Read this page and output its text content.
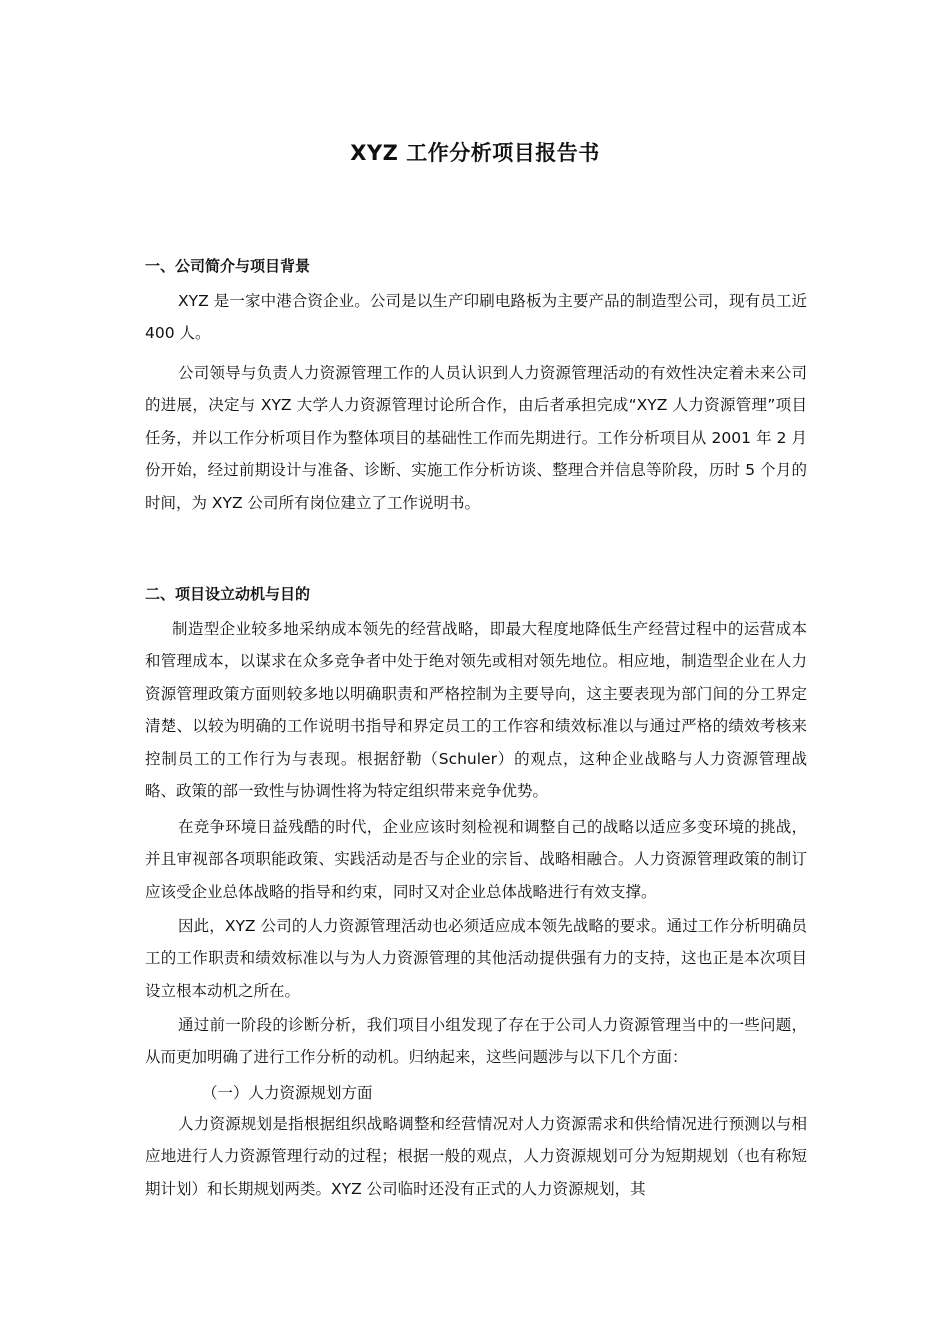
XYZ 工作分析项目报告书
一、公司简介与项目背景

XYZ 是一家中港合资企业。公司是以生产印刷电路板为主要产品的制造型公司，现有员工近 400 人。

公司领导与负责人力资源管理工作的人员认识到人力资源管理活动的有效性决定着未来公司的进展，决定与 XYZ 大学人力资源管理讨论所合作，由后者承担完成“XYZ 人力资源管理”项目任务，并以工作分析项目作为整体项目的基础性工作而先期进行。工作分析项目从 2001 年 2 月份开始，经过前期设计与准备、诊断、实施工作分析访谈、整理合并信息等阶段，历时 5 个月的时间，为 XYZ 公司所有岗位建立了工作说明书。

二、项目设立动机与目的

制造型企业较多地采纳成本领先的经营战略，即最大程度地降低生产经营过程中的运营成本和管理成本，以谋求在众多竞争者中处于绝对领先或相对领先地位。相应地，制造型企业在人力资源管理政策方面则较多地以明确职责和严格控制为主要导向，这主要表现为部门间的分工界定清楚、以较为明确的工作说明书指导和界定员工的工作容和绩效标准以与通过严格的绩效考核来控制员工的工作行为与表现。根据舒勒（Schuler）的观点，这种企业战略与人力资源管理战略、政策的部一致性与协调性将为特定组织带来竞争优势。

在竞争环境日益残酷的时代，企业应该时刻检视和调整自己的战略以适应多变环境的挑战，并且审视部各项职能政策、实践活动是否与企业的宗旨、战略相融合。人力资源管理政策的制订应该受企业总体战略的指导和约束，同时又对企业总体战略进行有效支撑。

因此，XYZ 公司的人力资源管理活动也必须适应成本领先战略的要求。通过工作分析明确员工的工作职责和绩效标准以与为人力资源管理的其他活动提供强有力的支持，这也正是本次项目设立根本动机之所在。

通过前一阶段的诊断分析，我们项目小组发现了存在于公司人力资源管理当中的一些问题，从而更加明确了进行工作分析的动机。归纳起来，这些问题涉与以下几个方面：

（一）人力资源规划方面

人力资源规划是指根据组织战略调整和经营情况对人力资源需求和供给情况进行预测以与相应地进行人力资源管理行动的过程；根据一般的观点，人力资源规划可分为短期规划（也有称短期计划）和长期规划两类。XYZ 公司临时还没有正式的人力资源规划，其
